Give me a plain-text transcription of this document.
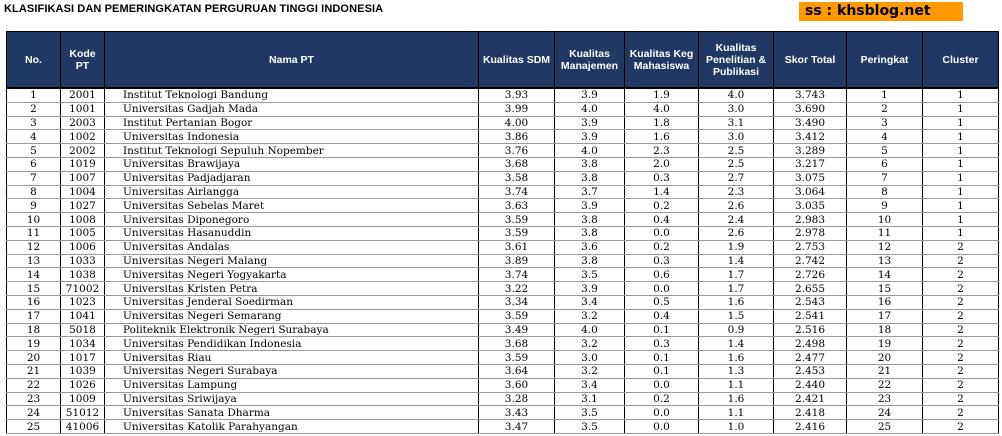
KLASIFIKASI DAN PEMERINGKATAN PERGURUAN TINGGI INDONESIA	ss : khsblog.net
No.	Kode PT	Nama PT	Kualitas SDM	Kualitas Manajemen	Kualitas Keg Mahasiswa	Kualitas Penelitian & Publikasi	Skor Total	Peringkat	Cluster
1	2001	Institut Teknologi Bandung	3.93	3.9	1.9	4.0	3.743	1	1
2	1001	Universitas Gadjah Mada	3.99	4.0	4.0	3.0	3.690	2	1
3	2003	Institut Pertanian Bogor	4.00	3.9	1.8	3.1	3.490	3	1
4	1002	Universitas Indonesia	3.86	3.9	1.6	3.0	3.412	4	1
5	2002	Institut Teknologi Sepuluh Nopember	3.76	4.0	2.3	2.5	3.289	5	1
6	1019	Universitas Brawijaya	3.68	3.8	2.0	2.5	3.217	6	1
7	1007	Universitas Padjadjaran	3.58	3.8	0.3	2.7	3.075	7	1
8	1004	Universitas Airlangga	3.74	3.7	1.4	2.3	3.064	8	1
9	1027	Universitas Sebelas Maret	3.63	3.9	0.2	2.6	3.035	9	1
10	1008	Universitas Diponegoro	3.59	3.8	0.4	2.4	2.983	10	1
11	1005	Universitas Hasanuddin	3.59	3.8	0.0	2.6	2.978	11	1
12	1006	Universitas Andalas	3.61	3.6	0.2	1.9	2.753	12	2
13	1033	Universitas Negeri Malang	3.89	3.8	0.3	1.4	2.742	13	2
14	1038	Universitas Negeri Yogyakarta	3.74	3.5	0.6	1.7	2.726	14	2
15	71002	Universitas Kristen Petra	3.22	3.9	0.0	1.7	2.655	15	2
16	1023	Universitas Jenderal Soedirman	3.34	3.4	0.5	1.6	2.543	16	2
17	1041	Universitas Negeri Semarang	3.59	3.2	0.4	1.5	2.541	17	2
18	5018	Politeknik Elektronik Negeri Surabaya	3.49	4.0	0.1	0.9	2.516	18	2
19	1034	Universitas Pendidikan Indonesia	3.68	3.2	0.3	1.4	2.498	19	2
20	1017	Universitas Riau	3.59	3.0	0.1	1.6	2.477	20	2
21	1039	Universitas Negeri Surabaya	3.64	3.2	0.1	1.3	2.453	21	2
22	1026	Universitas Lampung	3.60	3.4	0.0	1.1	2.440	22	2
23	1009	Universitas Sriwijaya	3.28	3.1	0.2	1.6	2.421	23	2
24	51012	Universitas Sanata Dharma	3.43	3.5	0.0	1.1	2.418	24	2
25	41006	Universitas Katolik Parahyangan	3.47	3.5	0.0	1.0	2.416	25	2
